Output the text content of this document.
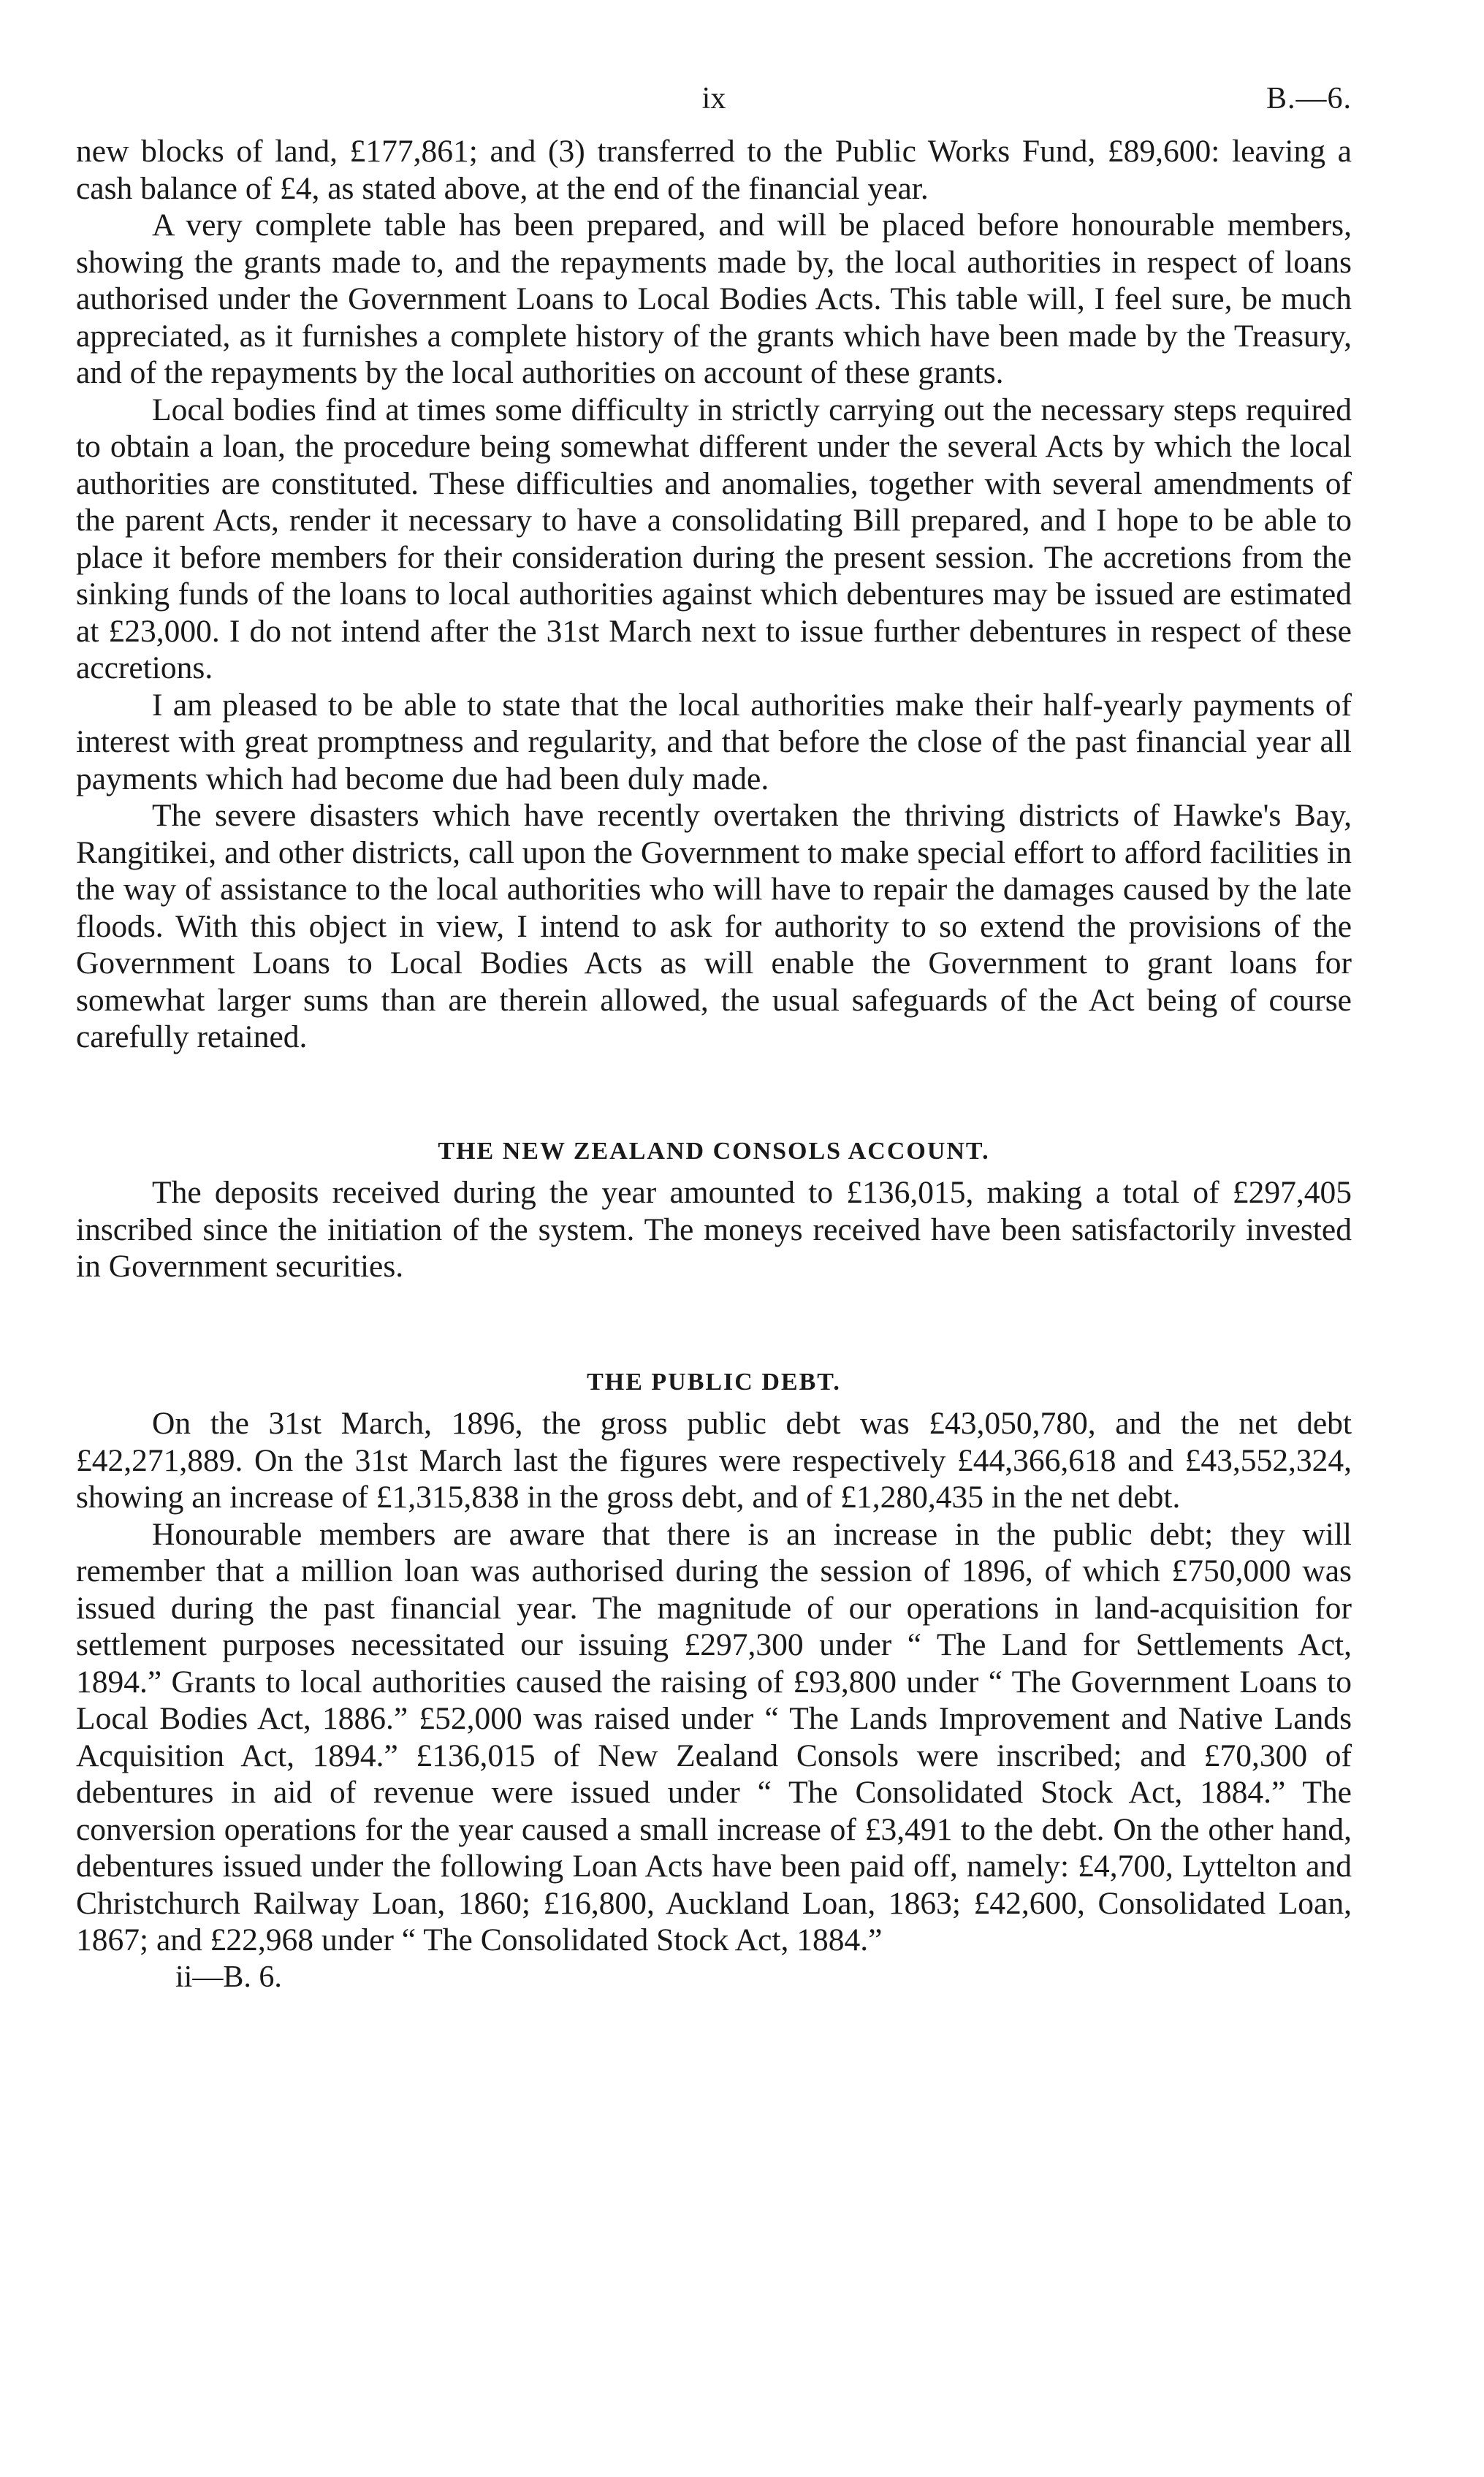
ix	B.—6.

new blocks of land, £177,861; and (3) transferred to the Public Works Fund, £89,600: leaving a cash balance of £4, as stated above, at the end of the financial year.

A very complete table has been prepared, and will be placed before honourable members, showing the grants made to, and the repayments made by, the local authorities in respect of loans authorised under the Government Loans to Local Bodies Acts. This table will, I feel sure, be much appreciated, as it furnishes a complete history of the grants which have been made by the Treasury, and of the repayments by the local authorities on account of these grants.

Local bodies find at times some difficulty in strictly carrying out the necessary steps required to obtain a loan, the procedure being somewhat different under the several Acts by which the local authorities are constituted. These difficulties and anomalies, together with several amendments of the parent Acts, render it necessary to have a consolidating Bill prepared, and I hope to be able to place it before members for their consideration during the present session. The accretions from the sinking funds of the loans to local authorities against which debentures may be issued are estimated at £23,000. I do not intend after the 31st March next to issue further debentures in respect of these accretions.

I am pleased to be able to state that the local authorities make their half-yearly payments of interest with great promptness and regularity, and that before the close of the past financial year all payments which had become due had been duly made.

The severe disasters which have recently overtaken the thriving districts of Hawke's Bay, Rangitikei, and other districts, call upon the Government to make special effort to afford facilities in the way of assistance to the local authorities who will have to repair the damages caused by the late floods. With this object in view, I intend to ask for authority to so extend the provisions of the Government Loans to Local Bodies Acts as will enable the Government to grant loans for somewhat larger sums than are therein allowed, the usual safeguards of the Act being of course carefully retained.

THE NEW ZEALAND CONSOLS ACCOUNT.

The deposits received during the year amounted to £136,015, making a total of £297,405 inscribed since the initiation of the system. The moneys received have been satisfactorily invested in Government securities.

THE PUBLIC DEBT.

On the 31st March, 1896, the gross public debt was £43,050,780, and the net debt £42,271,889. On the 31st March last the figures were respectively £44,366,618 and £43,552,324, showing an increase of £1,315,838 in the gross debt, and of £1,280,435 in the net debt.

Honourable members are aware that there is an increase in the public debt; they will remember that a million loan was authorised during the session of 1896, of which £750,000 was issued during the past financial year. The magnitude of our operations in land-acquisition for settlement purposes necessitated our issuing £297,300 under “ The Land for Settlements Act, 1894.” Grants to local authorities caused the raising of £93,800 under “ The Government Loans to Local Bodies Act, 1886.” £52,000 was raised under “ The Lands Improvement and Native Lands Acquisition Act, 1894.” £136,015 of New Zealand Consols were inscribed; and £70,300 of debentures in aid of revenue were issued under “ The Consolidated Stock Act, 1884.” The conversion operations for the year caused a small increase of £3,491 to the debt. On the other hand, debentures issued under the following Loan Acts have been paid off, namely: £4,700, Lyttelton and Christchurch Railway Loan, 1860; £16,800, Auckland Loan, 1863; £42,600, Consolidated Loan, 1867; and £22,968 under “ The Consolidated Stock Act, 1884.”

ii—B. 6.
